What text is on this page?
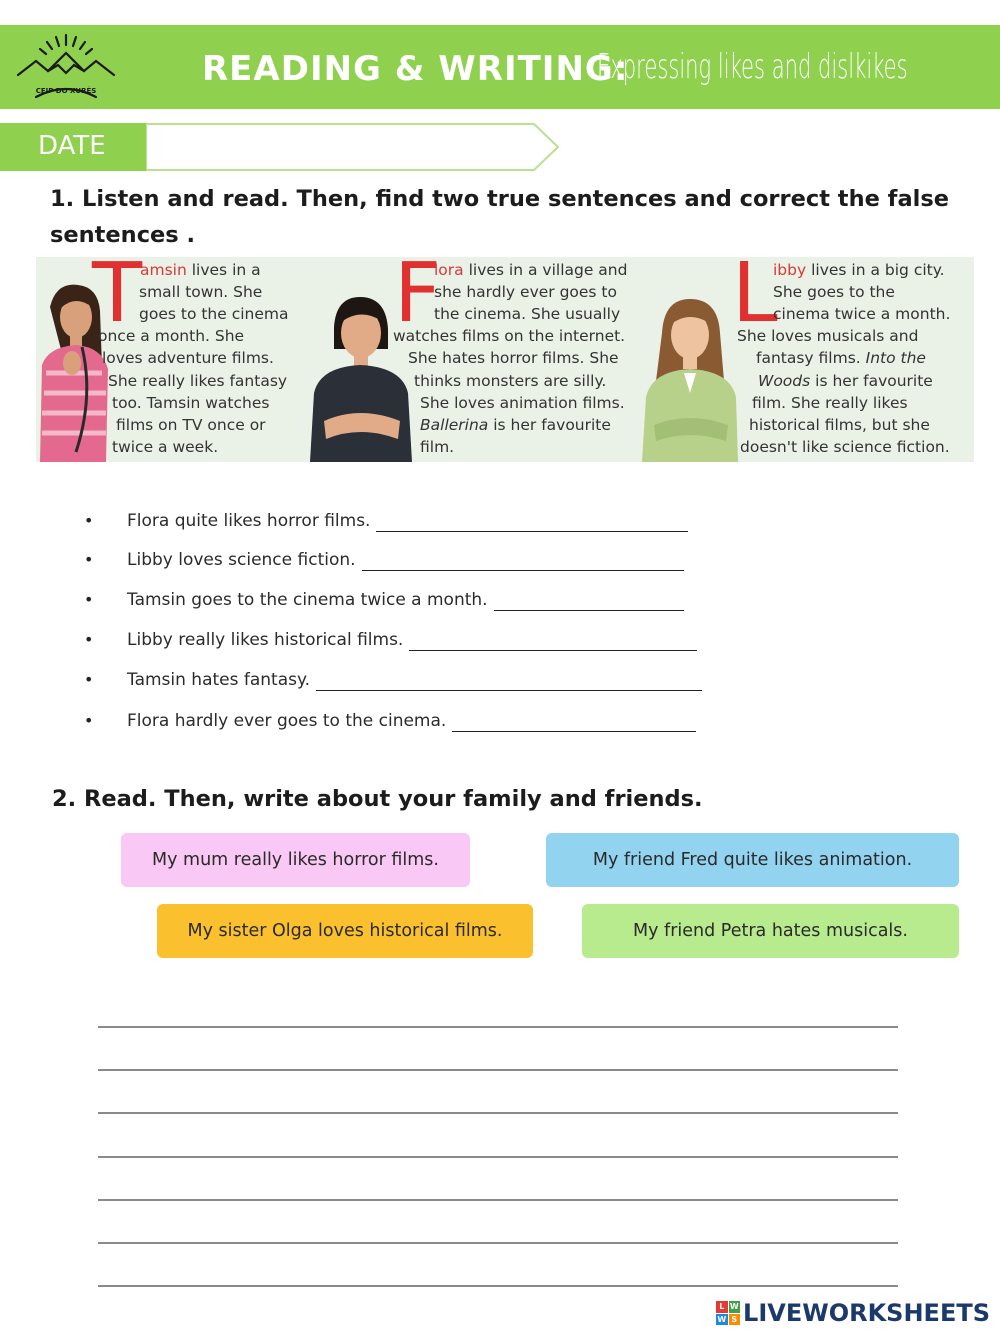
CEIP DO XURÉS
READING & WRITING:
Expressing likes and dislkikes
DATE
1. Listen and read. Then, find two true sentences and correct the false
sentences .
T
amsin lives in a
small town. She
goes to the cinema
once a month. She
loves adventure films.
She really likes fantasy
too. Tamsin watches
films on TV once or
twice a week.
F
lora lives in a village and
she hardly ever goes to
the cinema. She usually
watches films on the internet.
She hates horror films. She
thinks monsters are silly.
She loves animation films.
Ballerina is her favourite
film.
L
ibby lives in a big city.
She goes to the
cinema twice a month.
She loves musicals and
fantasy films. Into the
Woods is her favourite
film. She really likes
historical films, but she
doesn't like science fiction.
•	Flora quite likes horror films.
•	Libby loves science fiction.
•	Tamsin goes to the cinema twice a month.
•	Libby really likes historical films.
•	Tamsin hates fantasy.
•	Flora hardly ever goes to the cinema.
2. Read. Then, write about your family and friends.
My mum really likes horror films.	My friend Fred quite likes animation.
My sister Olga loves historical films.	My friend Petra hates musicals.
L W
W S LIVEWORKSHEETS
